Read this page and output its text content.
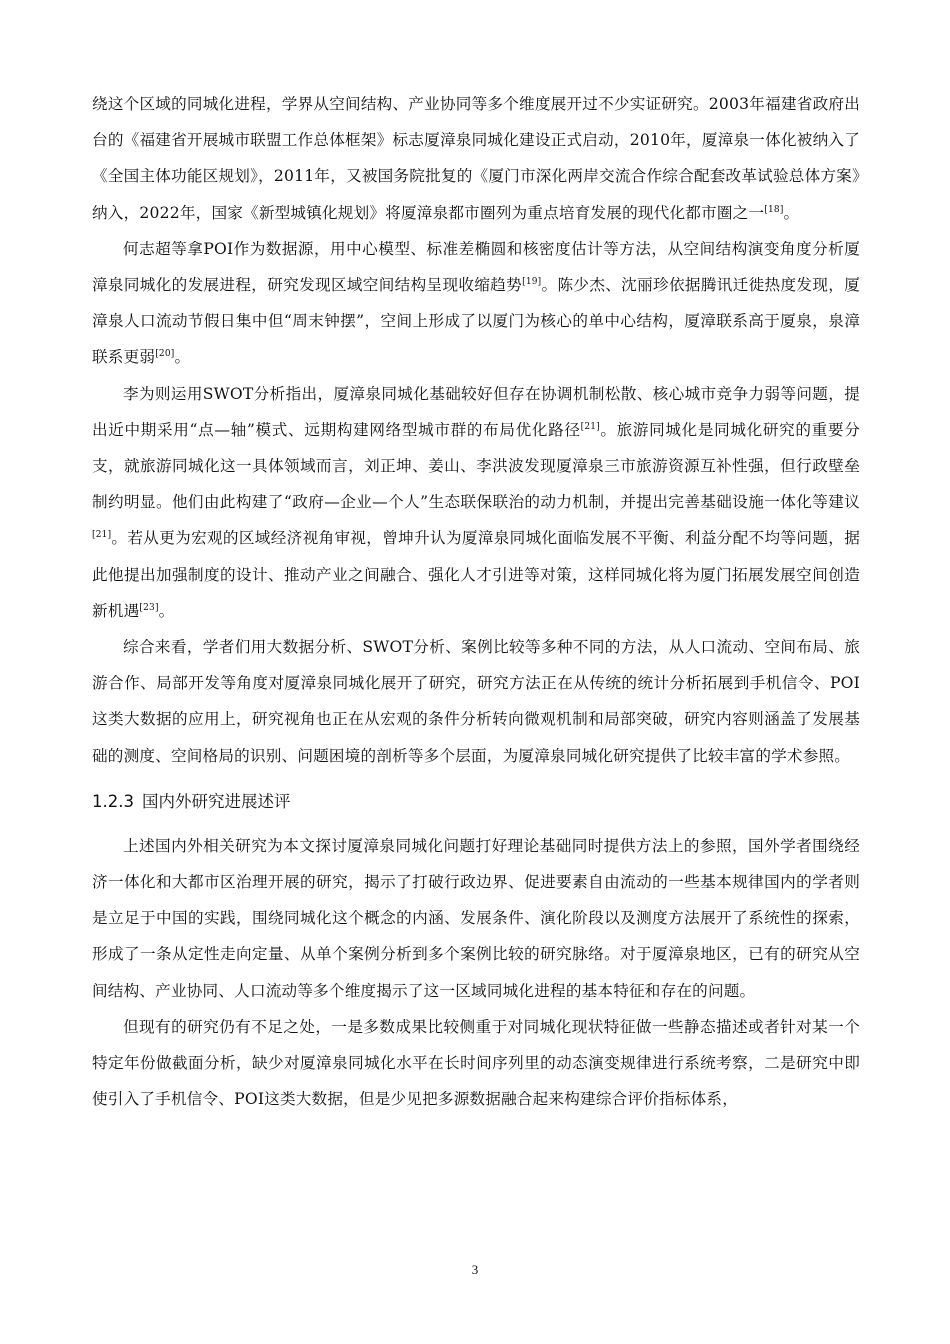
绕这个区域的同城化进程，学界从空间结构、产业协同等多个维度展开过不少实证研究。2003年福建省政府出台的《福建省开展城市联盟工作总体框架》标志厦漳泉同城化建设正式启动，2010年，厦漳泉一体化被纳入了《全国主体功能区规划》，2011年，又被国务院批复的《厦门市深化两岸交流合作综合配套改革试验总体方案》纳入，2022年，国家《新型城镇化规划》将厦漳泉都市圈列为重点培育发展的现代化都市圈之一[18]。

何志超等拿POI作为数据源，用中心模型、标准差椭圆和核密度估计等方法，从空间结构演变角度分析厦漳泉同城化的发展进程，研究发现区域空间结构呈现收缩趋势[19]。陈少杰、沈丽珍依据腾讯迁徙热度发现，厦漳泉人口流动节假日集中但“周末钟摆”，空间上形成了以厦门为核心的单中心结构，厦漳联系高于厦泉，泉漳联系更弱[20]。

李为则运用SWOT分析指出，厦漳泉同城化基础较好但存在协调机制松散、核心城市竞争力弱等问题，提出近中期采用“点—轴”模式、远期构建网络型城市群的布局优化路径[21]。旅游同城化是同城化研究的重要分支，就旅游同城化这一具体领域而言，刘正坤、姜山、李洪波发现厦漳泉三市旅游资源互补性强，但行政壁垒制约明显。他们由此构建了“政府—企业—个人”生态联保联治的动力机制，并提出完善基础设施一体化等建议[21]。若从更为宏观的区域经济视角审视，曾坤升认为厦漳泉同城化面临发展不平衡、利益分配不均等问题，据此他提出加强制度的设计、推动产业之间融合、强化人才引进等对策，这样同城化将为厦门拓展发展空间创造新机遇[23]。

综合来看，学者们用大数据分析、SWOT分析、案例比较等多种不同的方法，从人口流动、空间布局、旅游合作、局部开发等角度对厦漳泉同城化展开了研究，研究方法正在从传统的统计分析拓展到手机信令、POI这类大数据的应用上，研究视角也正在从宏观的条件分析转向微观机制和局部突破，研究内容则涵盖了发展基础的测度、空间格局的识别、问题困境的剖析等多个层面，为厦漳泉同城化研究提供了比较丰富的学术参照。

1.2.3 国内外研究进展述评

上述国内外相关研究为本文探讨厦漳泉同城化问题打好理论基础同时提供方法上的参照，国外学者围绕经济一体化和大都市区治理开展的研究，揭示了打破行政边界、促进要素自由流动的一些基本规律国内的学者则是立足于中国的实践，围绕同城化这个概念的内涵、发展条件、演化阶段以及测度方法展开了系统性的探索，形成了一条从定性走向定量、从单个案例分析到多个案例比较的研究脉络。对于厦漳泉地区，已有的研究从空间结构、产业协同、人口流动等多个维度揭示了这一区域同城化进程的基本特征和存在的问题。

但现有的研究仍有不足之处，一是多数成果比较侧重于对同城化现状特征做一些静态描述或者针对某一个特定年份做截面分析，缺少对厦漳泉同城化水平在长时间序列里的动态演变规律进行系统考察，二是研究中即使引入了手机信令、POI这类大数据，但是少见把多源数据融合起来构建综合评价指标体系，

3
